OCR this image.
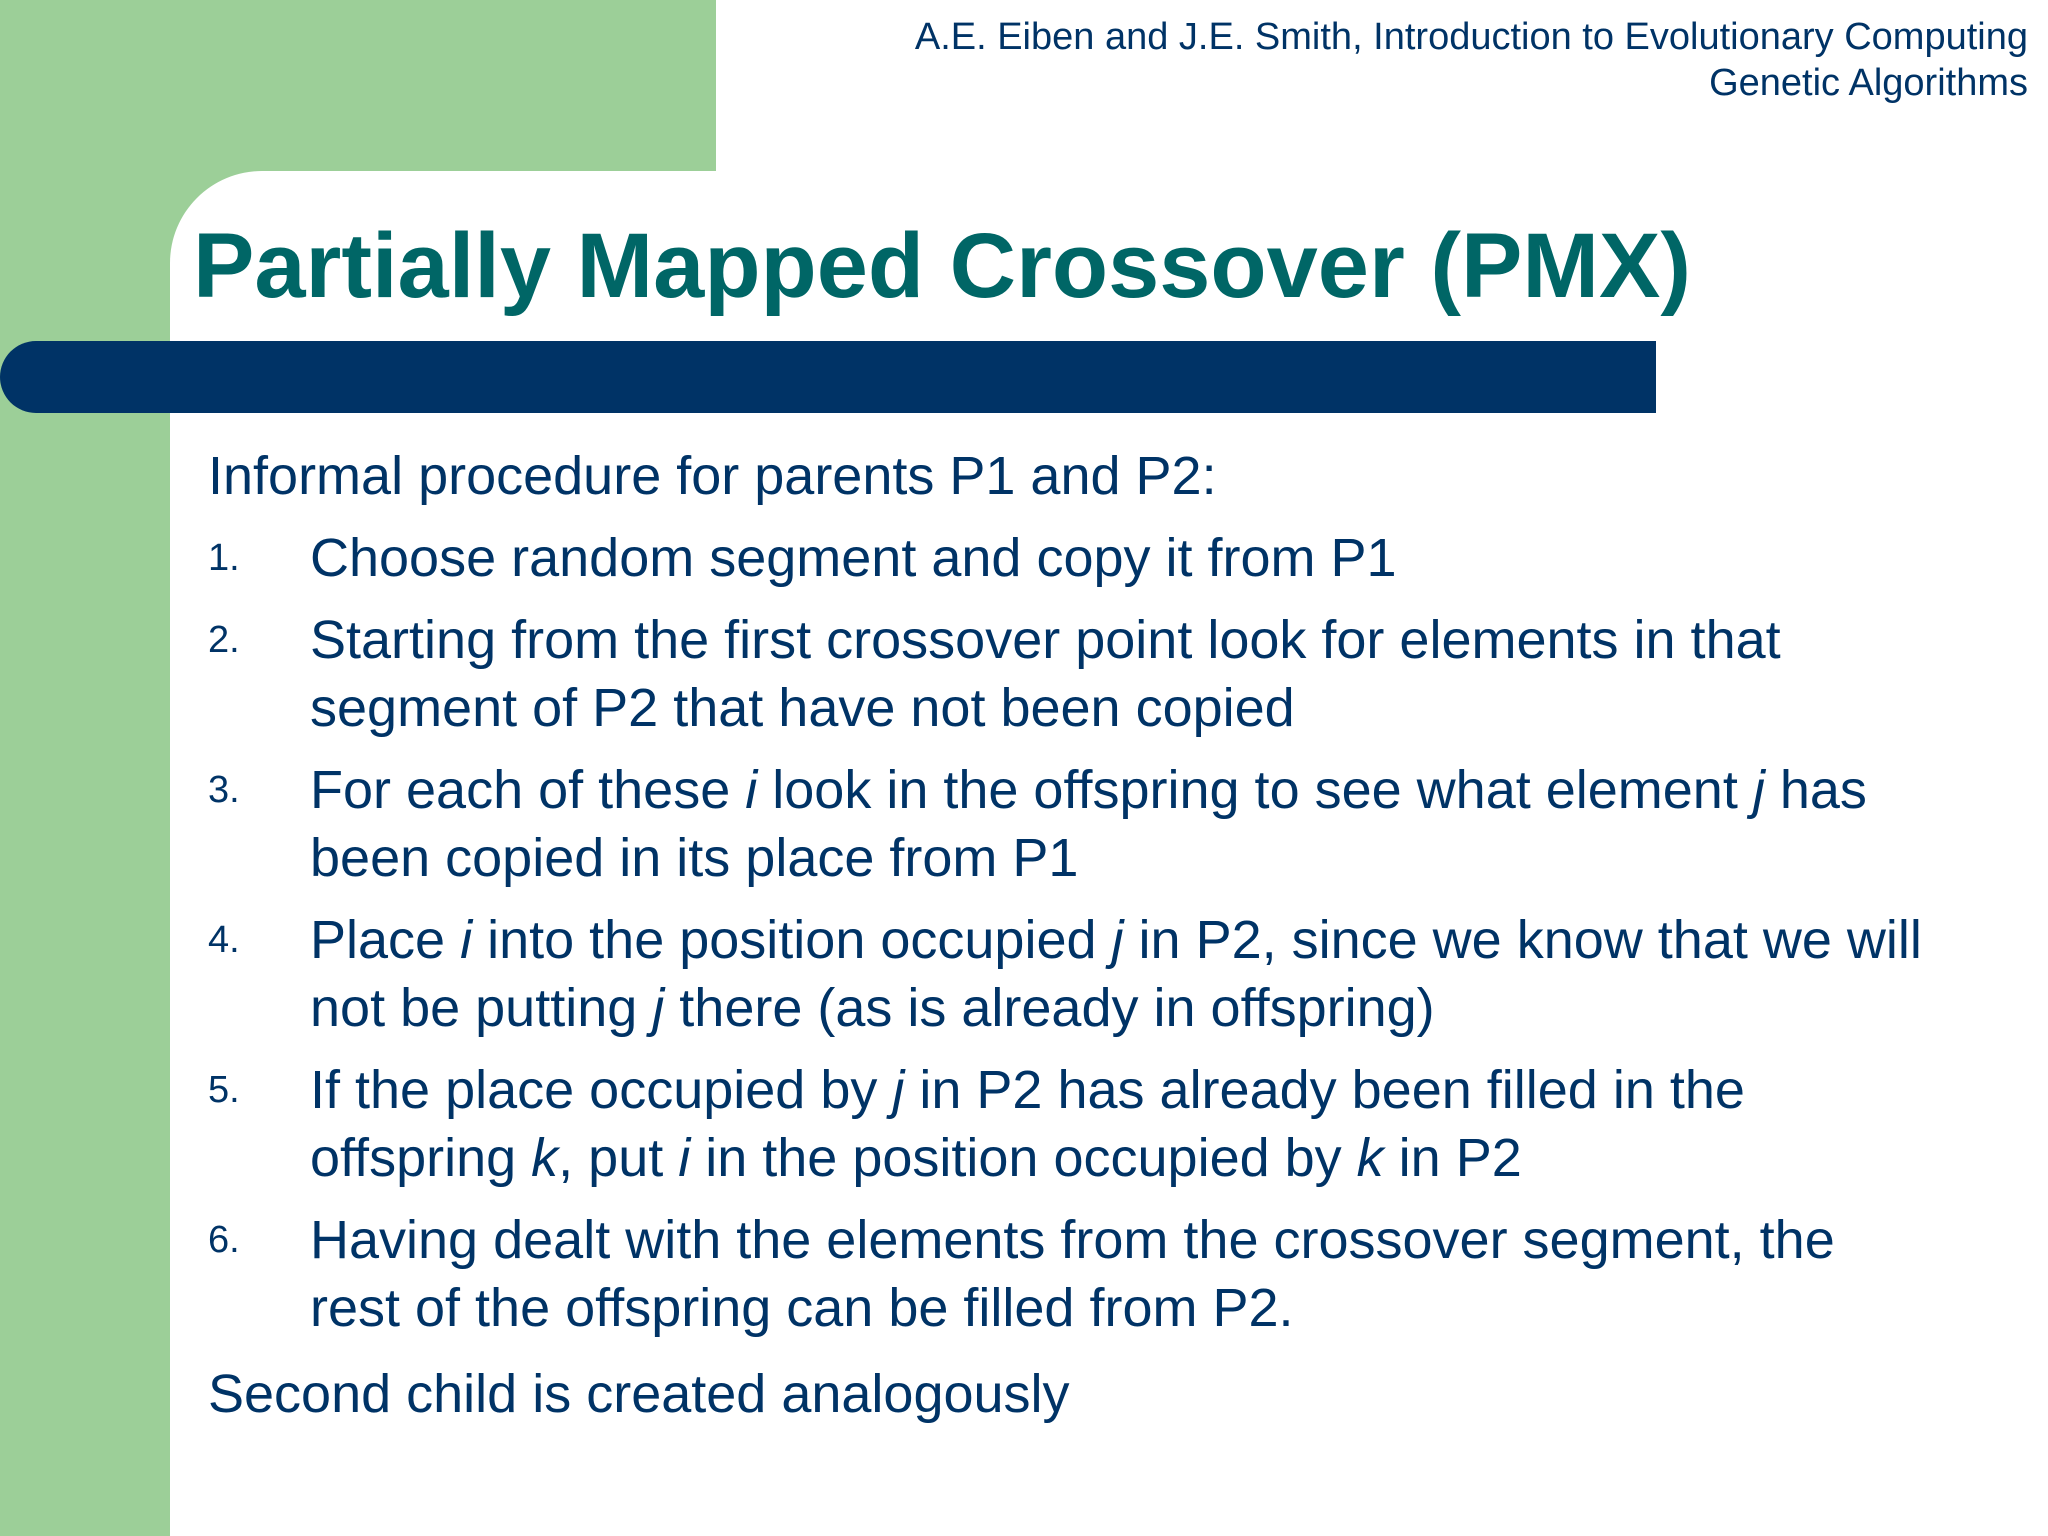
A.E. Eiben and J.E. Smith, Introduction to Evolutionary Computing
Genetic Algorithms
Partially Mapped Crossover (PMX)
Informal procedure for parents P1 and P2:
1.	Choose random segment and copy it from P1
2.	Starting from the first crossover point look for elements in that
segment of P2 that have not been copied
3.	For each of these i look in the offspring to see what element j has
been copied in its place from P1
4.	Place i into the position occupied j in P2, since we know that we will
not be putting j there (as is already in offspring)
5.	If the place occupied by j in P2 has already been filled in the
offspring k, put i in the position occupied by k in P2
6.	Having dealt with the elements from the crossover segment, the
rest of the offspring can be filled from P2.
Second child is created analogously
